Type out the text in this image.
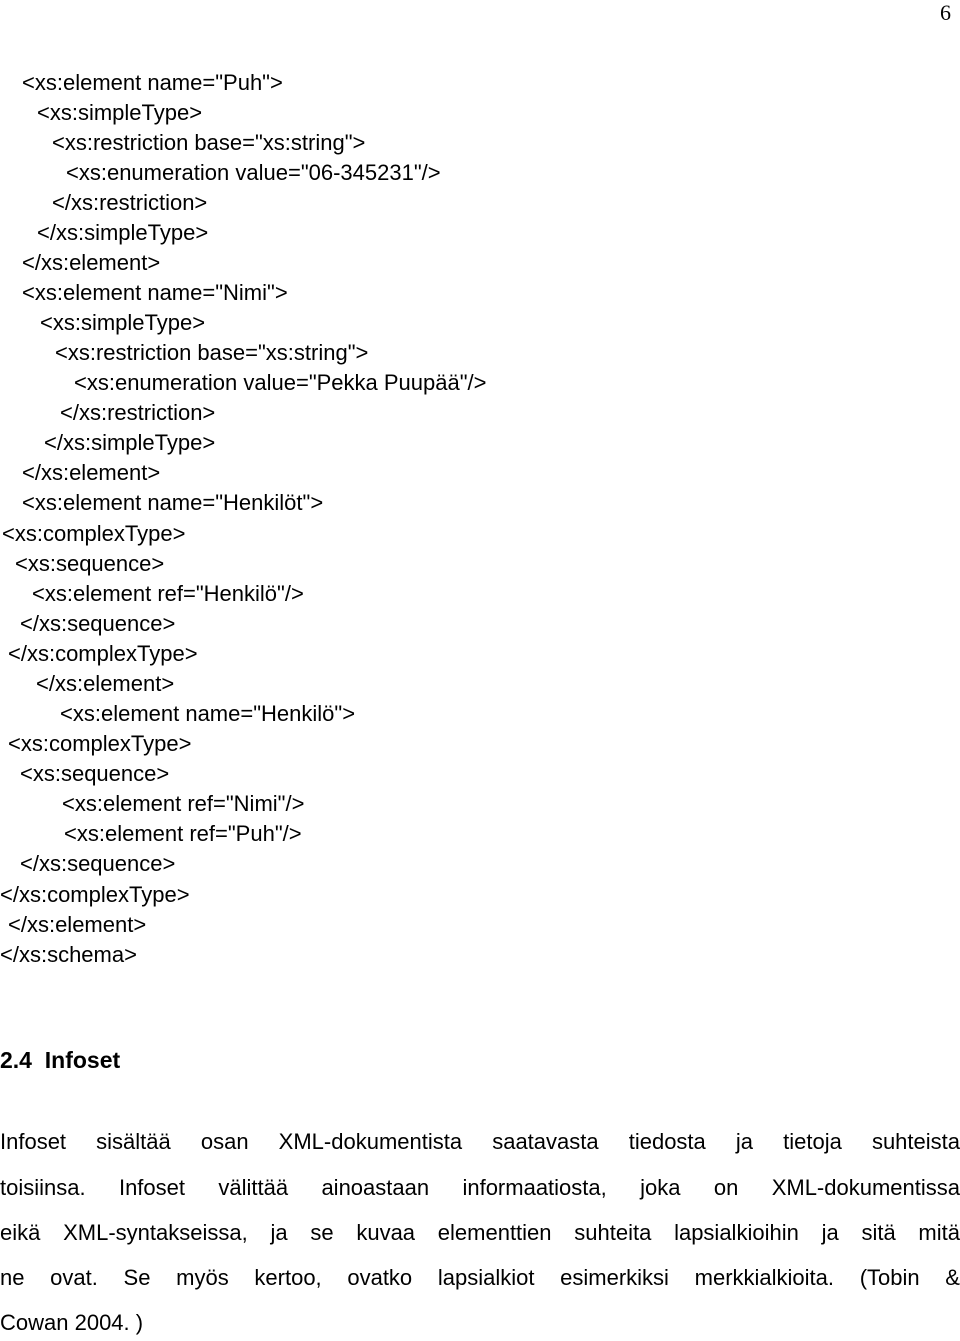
6
<xs:element name="Puh">
<xs:simpleType>
<xs:restriction base="xs:string">
<xs:enumeration value="06-345231"/>
</xs:restriction>
</xs:simpleType>
</xs:element>
<xs:element name="Nimi">
<xs:simpleType>
<xs:restriction base="xs:string">
<xs:enumeration value="Pekka Puupää"/>
</xs:restriction>
</xs:simpleType>
</xs:element>
<xs:element name="Henkilöt">
<xs:complexType>
<xs:sequence>
<xs:element ref="Henkilö"/>
</xs:sequence>
</xs:complexType>
</xs:element>
<xs:element name="Henkilö">
<xs:complexType>
<xs:sequence>
<xs:element ref="Nimi"/>
<xs:element ref="Puh"/>
</xs:sequence>
</xs:complexType>
</xs:element>
</xs:schema>
2.4  Infoset
Infoset sisältää osan XML-dokumentista saatavasta tiedosta ja tietoja suhteista
toisiinsa. Infoset välittää ainoastaan informaatiosta, joka on XML-dokumentissa
eikä XML-syntakseissa, ja se kuvaa elementtien suhteita lapsialkioihin ja sitä mitä
ne ovat. Se myös kertoo, ovatko lapsialkiot esimerkiksi merkkialkioita. (Tobin &
Cowan 2004. )
